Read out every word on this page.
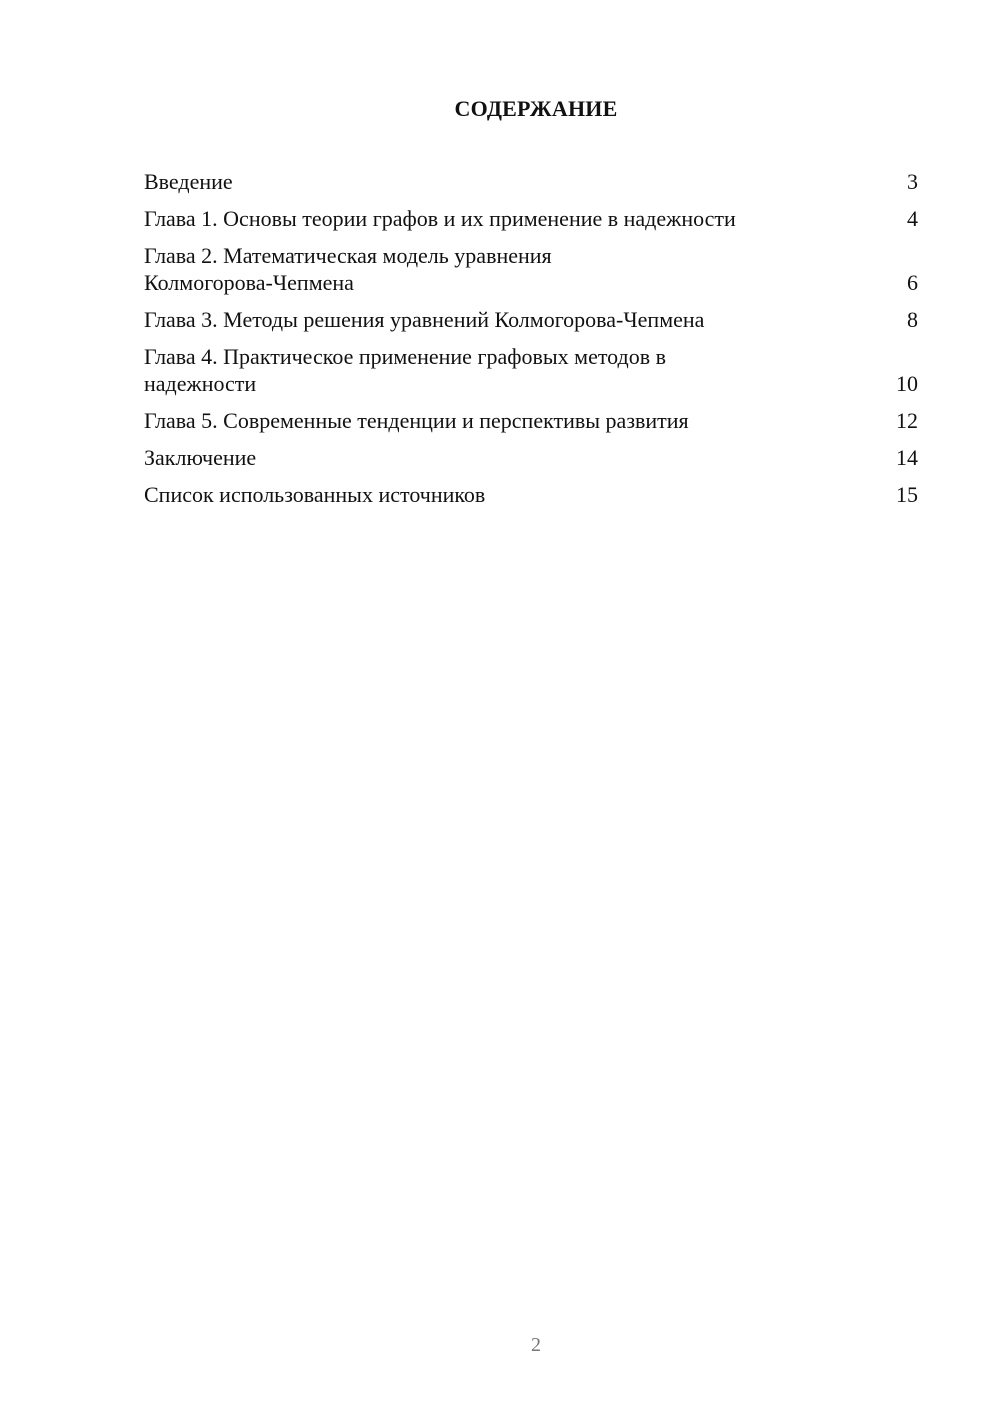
СОДЕРЖАНИЕ
Введение	3
Глава 1. Основы теории графов и их применение в надежности	4
Глава 2. Математическая модель уравнения
Колмогорова-Чепмена	6
Глава 3. Методы решения уравнений Колмогорова-Чепмена	8
Глава 4. Практическое применение графовых методов в
надежности	10
Глава 5. Современные тенденции и перспективы развития	12
Заключение	14
Список использованных источников	15
2
